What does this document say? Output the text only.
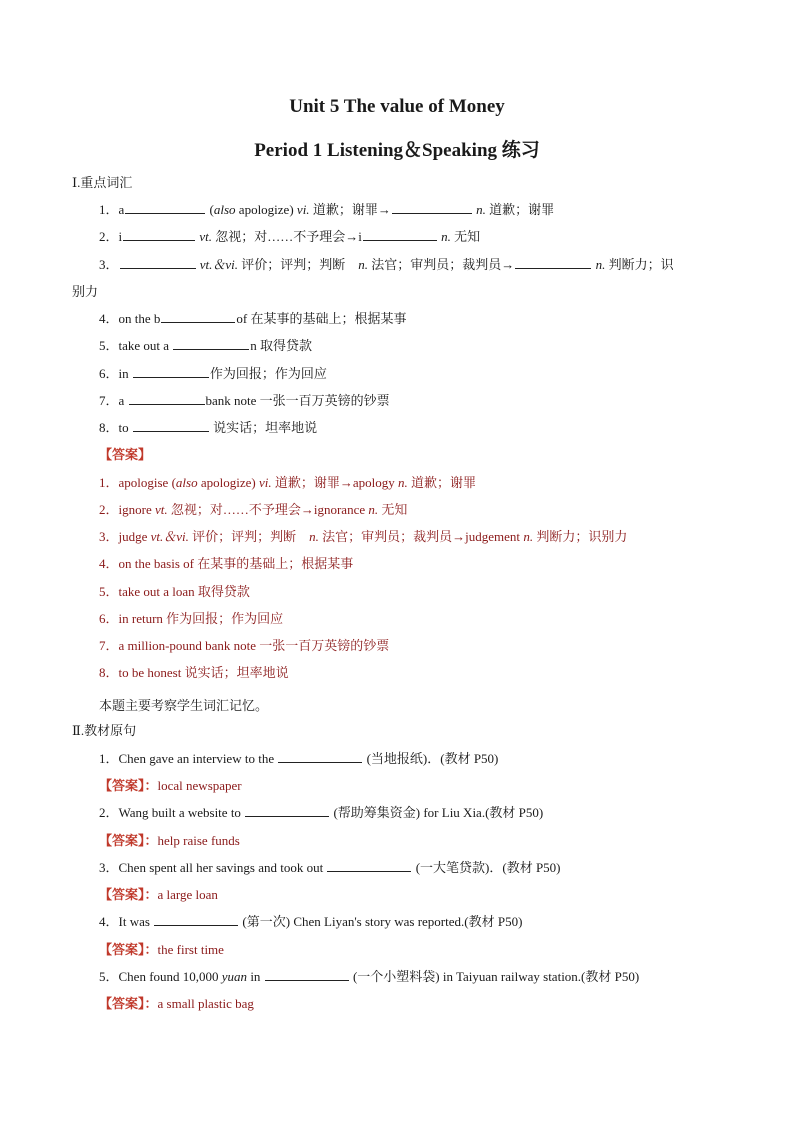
Unit 5 The value of Money
Period 1 Listening＆Speaking 练习
Ⅰ.重点词汇
1．a	(also apologize) vi. 道歉；谢罪→	n. 道歉；谢罪
2．i	vt. 忽视；对……不予理会→i	n. 无知
3．	vt.＆vi. 评价；评判；判断　n. 法官；审判员；裁判员→	n. 判断力；识
别力
4．on the b	of 在某事的基础上；根据某事
5．take out a	n 取得贷款
6．in	作为回报；作为回应
7．a	bank note 一张一百万英镑的钞票
8．to	说实话；坦率地说
【答案】
1．apologise (also apologize) vi. 道歉；谢罪→apology n. 道歉；谢罪
2．ignore vt. 忽视；对……不予理会→ignorance n. 无知
3．judge vt.＆vi. 评价；评判；判断　n. 法官；审判员；裁判员→judgement n. 判断力；识别力
4．on the basis of 在某事的基础上；根据某事
5．take out a loan 取得贷款
6．in return 作为回报；作为回应
7．a million-pound bank note 一张一百万英镑的钞票
8．to be honest 说实话；坦率地说
本题主要考察学生词汇记忆。
Ⅱ.教材原句
1．Chen gave an interview to the	(当地报纸)．(教材 P50)
【答案】：local newspaper
2．Wang built a website to	(帮助筹集资金) for Liu Xia.(教材 P50)
【答案】：help raise funds
3．Chen spent all her savings and took out	(一大笔贷款)．(教材 P50)
【答案】：a large loan
4．It was	(第一次) Chen Liyan's story was reported.(教材 P50)
【答案】：the first time
5．Chen found 10,000 yuan in	(一个小塑料袋) in Taiyuan railway station.(教材 P50)
【答案】：a small plastic bag
